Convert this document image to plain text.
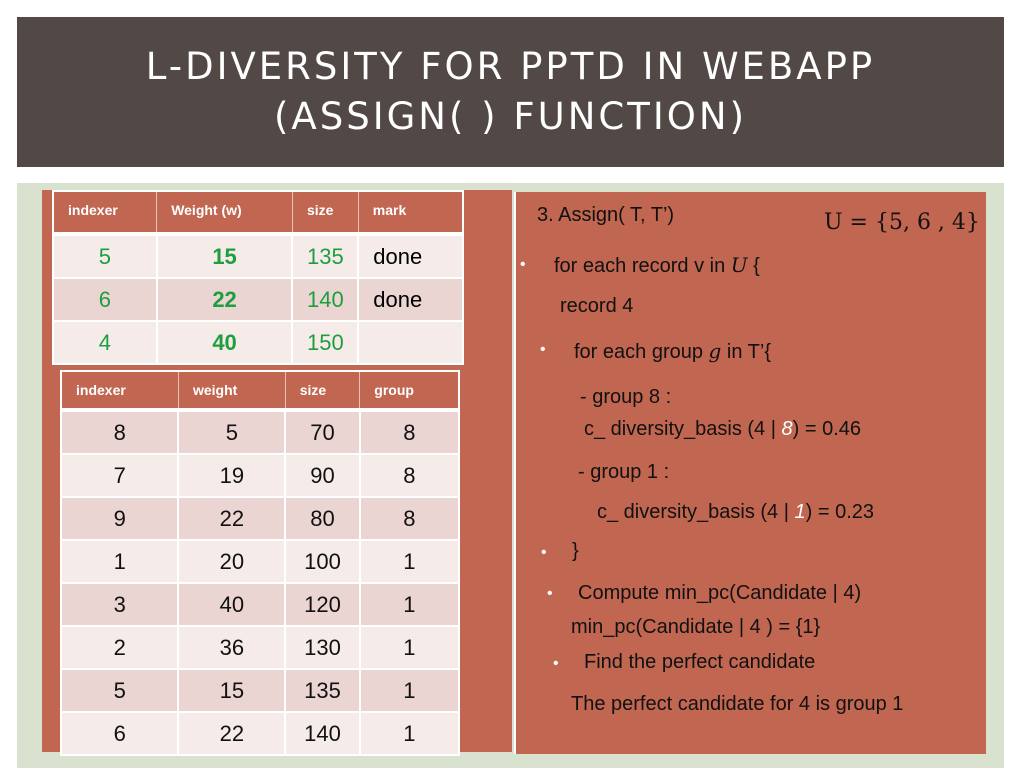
L-DIVERSITY FOR PPTD IN WEBAPP
(ASSIGN( ) FUNCTION)
indexer	Weight (w)	size	mark
5	15	135	done
6	22	140	done
4	40	150	
indexer	weight	size	group
8	5	70	8
7	19	90	8
9	22	80	8
1	20	100	1
3	40	120	1
2	36	130	1
5	15	135	1
6	22	140	1
3. Assign( T, T’)	U = {5, 6 , 4}
• for each record v in U {
record 4
• for each group g in T’{
- group 8 :
c_ diversity_basis (4 | 8) = 0.46
- group 1 :
c_ diversity_basis (4 | 1) = 0.23
• }
• Compute min_pc(Candidate | 4)
min_pc(Candidate | 4 ) = {1}
• Find the perfect candidate
The perfect candidate for 4 is group 1
